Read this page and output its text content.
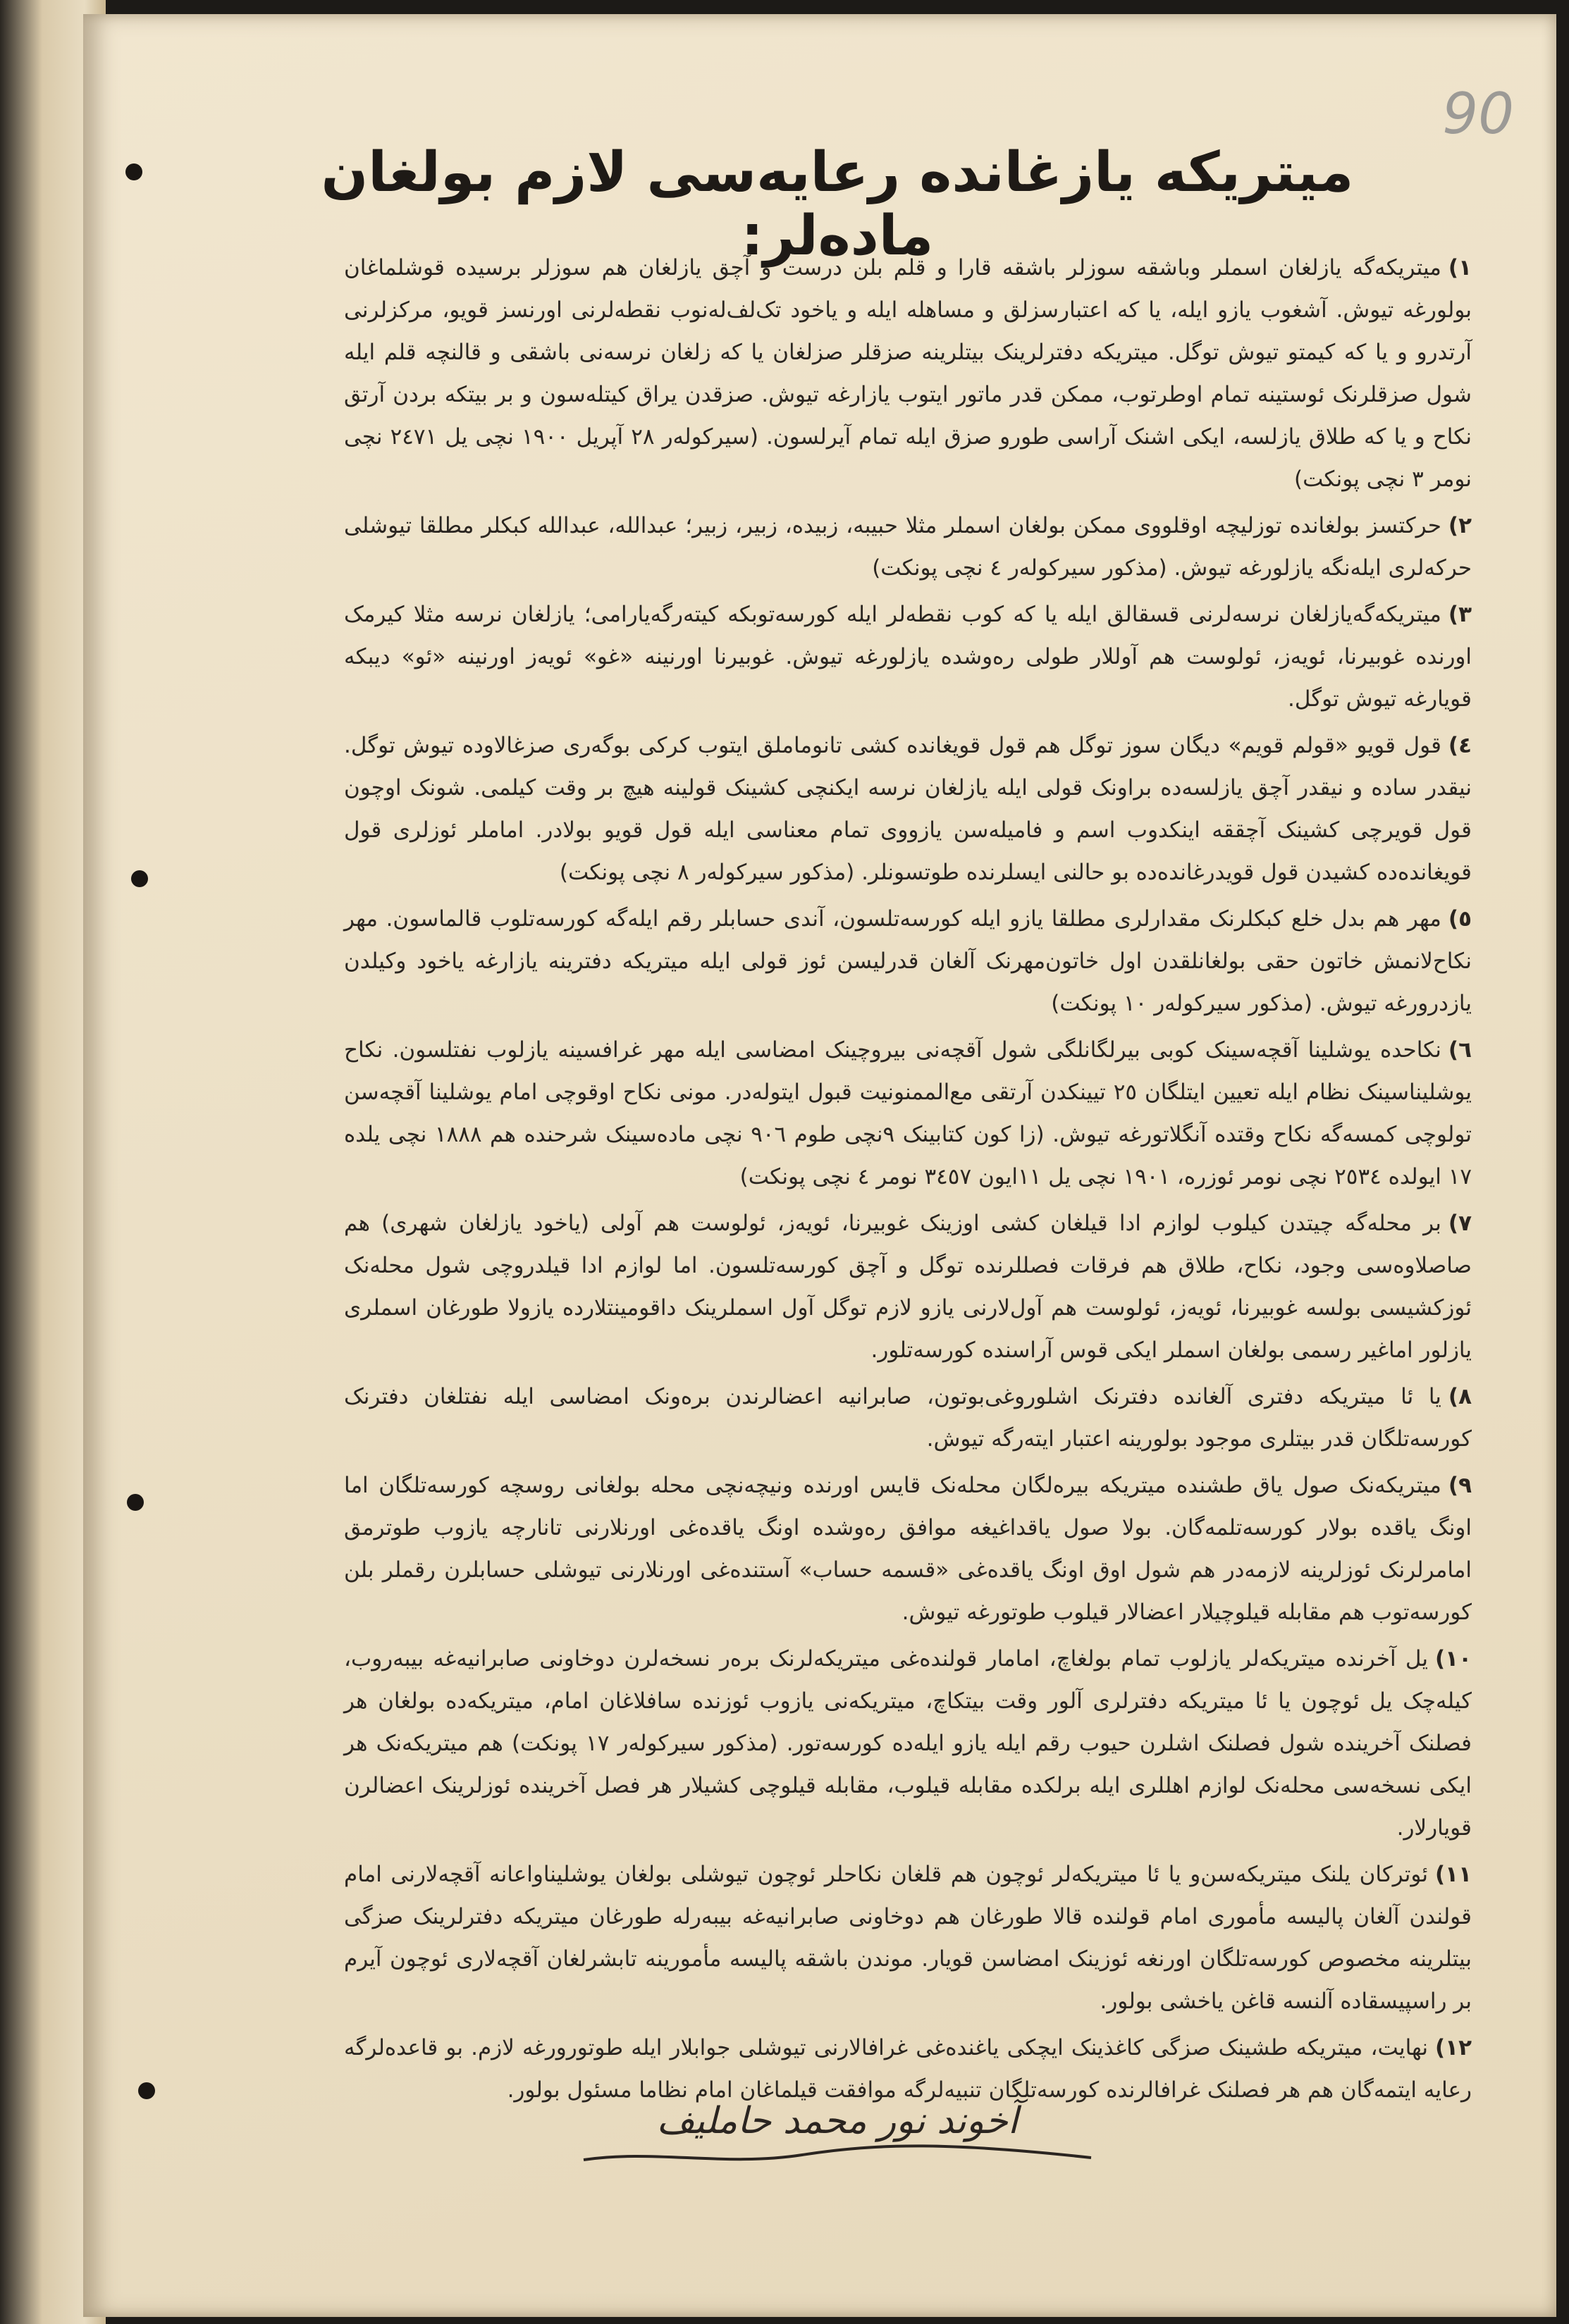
90
میتریکه یازغانده رعایه‌سی لازم بولغان ماده‌لر:	١)میتریکه‌گه یازلغان اسملر وباشقه سوزلر باشقه قارا و قلم بلن درست و آچق یازلغان هم سوزلر برسیده قوشلماغان بولورغه تیوش. آشغوب یازو ایله، یا که اعتبارسزلق و مساهله ایله و یاخود تک‌لف‌له‌نوب نقطه‌لرنی اورنسز قویو، مرکزلرنی آرتدرو و یا که کیمتو تیوش توگل. میتریکه دفترلرینک بیتلرینه صزقلر صزلغان یا که زلغان نرسه‌نی باشقی و قالنچه قلم ایله شول صزقلرنک ئوستینه تمام اوطرتوب، ممکن قدر ماتور ایتوب یازارغه تیوش. صزقدن یراق کیتله‌سون و بر بیتکه بردن آرتق نکاح و یا که طلاق یازلسه، ایکی اشنک آراسی طورو صزق ایله تمام آیرلسون. (سیرکوله‌ر ٢٨ آپریل ١٩٠٠ نچی یل ٢٤٧١ نچی نومر ٣ نچی پونکت)

٢)حرکتسز بولغانده‌ توزلیچه اوقلووی ممکن بولغان اسملر مثلا حبیبه، زبیده، زبیر، زبیر؛ عبدالله، عبدالله کبکلر مطلقا تیوشلی حرکه‌لری ایله‌نگه یازلورغه تیوش. (مذکور سیرکوله‌ر ٤ نچی پونکت)

٣)میتریکه‌گه‌یازلغان نرسه‌لرنی قسقالق ایله یا که کوب نقطه‌لر ایله کورسه‌توبکه کیته‌رگه‌یارامی؛ یازلغان نرسه مثلا کیرمک اورنده غوبیرنا، ئویه‌ز، ئولوست هم آوللار طولی ره‌وشده یازلورغه تیوش. غوبیرنا اورنینه «غو» ئویه‌ز اورنینه «ئو» دیبکه قویارغه تیوش توگل.

٤)قول قویو «قولم قویم» دیگان سوز توگل هم قول قویغانده کشی تانوماملق ایتوب کرکی بوگه‌ری صزغالاوده تیوش توگل. نیقدر ساده و نیقدر آچق یازلسه‌ده براونک قولی ایله یازلغان نرسه ایکنچی کشینک قولینه هیچ بر وقت کیلمی. شونک اوچون قول قویرچی کشینک آچققه اینکدوب اسم و فامیله‌سن یازووی تمام معناسی ایله قول قویو بولادر. اماملر ئوزلری قول قویغانده‌ده کشیدن قول قویدرغانده‌ده بو حالنی ایسلرنده طوتسونلر. (مذکور سیرکوله‌ر ٨ نچی پونکت)

٥)مهر هم بدل خلع کبکلرنک مقدارلری مطلقا یازو ایله کورسه‌تلسون، آندی حسابلر رقم ایله‌گه کورسه‌تلوب قالماسون. مهر نکاح‌لانمش خاتون حقی بولغانلقدن اول خاتون‌مهرنک آلغان قدرلیسن ئوز قولی ایله میتریکه دفترینه یازارغه یاخود وکیلدن یازدرورغه تیوش. (مذکور سیرکوله‌ر ١٠ پونکت)

٦)نکاحده یوشلینا آقچه‌سینک کوبی بیرلگانلگی شول آقچه‌نی بیروچینک امضاسی ایله مهر غرافسینه یازلوب نفتلسون. نکاح یوشلیناسینک نظام ایله تعیین ایتلگان ٢٥ تیینکدن آرتقی مع‌الممنونیت قبول ایتوله‌در. مونی نکاح اوقوچی امام یوشلینا آقچه‌سن تولوچی کمسه‌گه نکاح وقتده آنگلاتورغه تیوش. (زا کون کتابینک ٩نچی طوم ٩٠٦ نچی ماده‌سینک شرحنده هم ١٨٨٨ نچی یلده ١٧ ایولده ٢٥٣٤ نچی نومر ئوزره، ١٩٠١ نچی یل ١١ایون ٣٤٥٧ نومر ٤ نچی پونکت)

٧)بر محله‌گه چیتدن کیلوب لوازم ادا قیلغان کشی اوزینک غوبیرنا، ئویه‌ز، ئولوست هم آولی (یاخود یازلغان شهری) هم صاصلاوه‌سی وجود، نکاح، طلاق هم فرقات فصللرنده توگل و آچق کورسه‌تلسون. اما لوازم ادا قیلدروچی شول محله‌نک ئوزکشیسی بولسه غوبیرنا، ئویه‌ز، ئولوست هم آول‌لارنی یازو لازم توگل آول اسملرینک داقومینتلارده یازولا طورغان اسملری یازلور اماغیر رسمی بولغان اسملر ایکی قوس آراسنده کورسه‌تلور.

٨)یا ئا میتریکه دفتری آلغانده دفترنک اشلوروغی‌بوتون، صابرانیه اعضالرندن بره‌ونک امضاسی ایله نفتلغان دفترنک کورسه‌تلگان قدر بیتلری موجود بولورینه اعتبار ایته‌رگه تیوش.

٩)میتریکه‌نک صول یاق طشنده میتریکه بیره‌لگان محله‌نک قایس اورنده ونیچه‌نچی محله بولغانی روسچه کورسه‌تلگان اما اونگ یاقده بولار کورسه‌تلمه‌گان. بولا صول یاقداغیغه موافق ره‌وشده اونگ یاقده‌غی اورنلارنی تانارچه یازوب طوترمق امامرلرنک ئوزلرینه لازمه‌در هم شول اوق اونگ یاقده‌غی «قسمه حساب» آستنده‌غی اورنلارنی تیوشلی حسابلرن رقملر بلن کورسه‌توب هم مقابله قیلوچیلار اعضالار قیلوب طوتورغه تیوش.

١٠)یل آخرنده میتریکه‌لر یازلوب تمام بولغاچ، امامار قولنده‌غی میتریکه‌لرنک بره‌ر نسخه‌لرن دوخاونی صابرانیه‌غه بیبه‌روب، کیله‌چک یل ئوچون یا ئا میتریکه دفترلری آلور وقت بیتکاچ، میتریکه‌نی یازوب ئوزنده سافلاغان امام، میتریکه‌ده بولغان هر فصلنک آخرینده شول فصلنک اشلرن حیوب رقم ایله یازو ایله‌ده کورسه‌تور. (مذکور سیرکوله‌ر ١٧ پونکت) هم میتریکه‌نک هر ایکی نسخه‌سی محله‌نک لوازم اهللری ایله برلکده مقابله قیلوب، مقابله قیلوچی کشیلار هر فصل آخرینده ئوزلرینک اعضالرن قویارلار.

١١)ئوترکان یلنک میتریکه‌سن‌و یا ئا میتریکه‌لر ئوچون هم قلغان نکاحلر ئوچون تیوشلی بولغان یوشلیناواعانه آقچه‌لارنی امام قولندن آلغان پالیسه مأموری امام قولنده قالا طورغان هم دوخاونی صابرانیه‌غه بیبه‌رله طورغان میتریکه دفترلرینک صزگی بیتلرینه مخصوص کورسه‌تلگان اورنغه ئوزینک امضاسن قویار. موندن باشقه پالیسه مأمورینه تابشرلغان آقچه‌لاری ئوچون آیرم بر راسپیسقاده آلنسه قاغن یاخشی بولور.

١٢)نهایت، میتریکه طشینک صزگی کاغذینک ایچکی یاغنده‌غی غرافالارنی تیوشلی جوابلار ایله طوتورورغه لازم. بو قاعده‌لرگه رعایه ایتمه‌گان هم هر فصلنک غرافالرنده کورسه‌تلگان تنبیه‌لرگه موافقت قیلماغان امام نظاما مسئول بولور.

آخوند نور محمد حاملیف
